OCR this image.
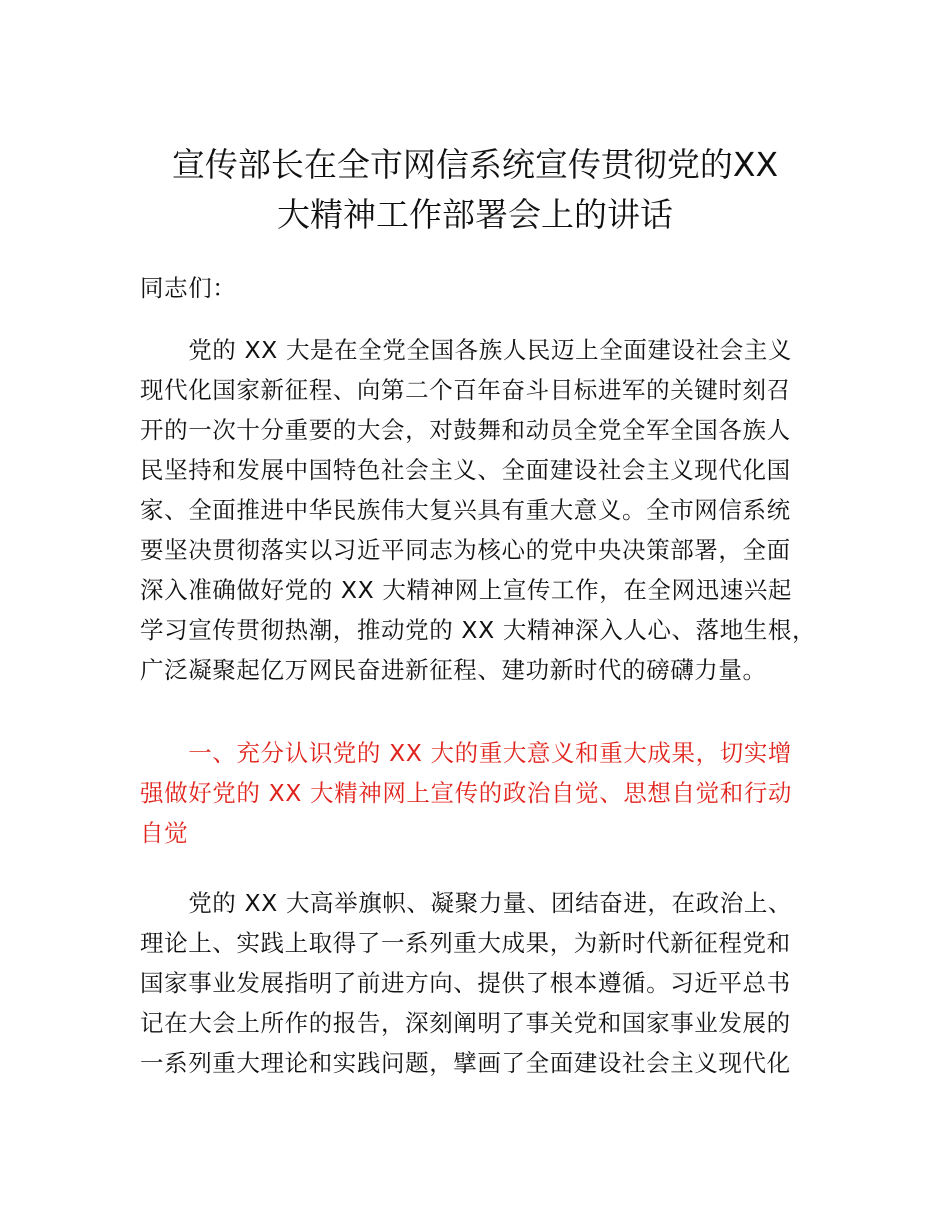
宣传部长在全市网信系统宣传贯彻党的XX
大精神工作部署会上的讲话

同志们：

　　党的 XX 大是在全党全国各族人民迈上全面建设社会主义
现代化国家新征程、向第二个百年奋斗目标进军的关键时刻召
开的一次十分重要的大会，对鼓舞和动员全党全军全国各族人
民坚持和发展中国特色社会主义、全面建设社会主义现代化国
家、全面推进中华民族伟大复兴具有重大意义。全市网信系统
要坚决贯彻落实以习近平同志为核心的党中央决策部署，全面
深入准确做好党的 XX 大精神网上宣传工作，在全网迅速兴起
学习宣传贯彻热潮，推动党的 XX 大精神深入人心、落地生根，
广泛凝聚起亿万网民奋进新征程、建功新时代的磅礴力量。

　　一、充分认识党的 XX 大的重大意义和重大成果，切实增
强做好党的 XX 大精神网上宣传的政治自觉、思想自觉和行动
自觉

　　党的 XX 大高举旗帜、凝聚力量、团结奋进，在政治上、
理论上、实践上取得了一系列重大成果，为新时代新征程党和
国家事业发展指明了前进方向、提供了根本遵循。习近平总书
记在大会上所作的报告，深刻阐明了事关党和国家事业发展的
一系列重大理论和实践问题，擘画了全面建设社会主义现代化
